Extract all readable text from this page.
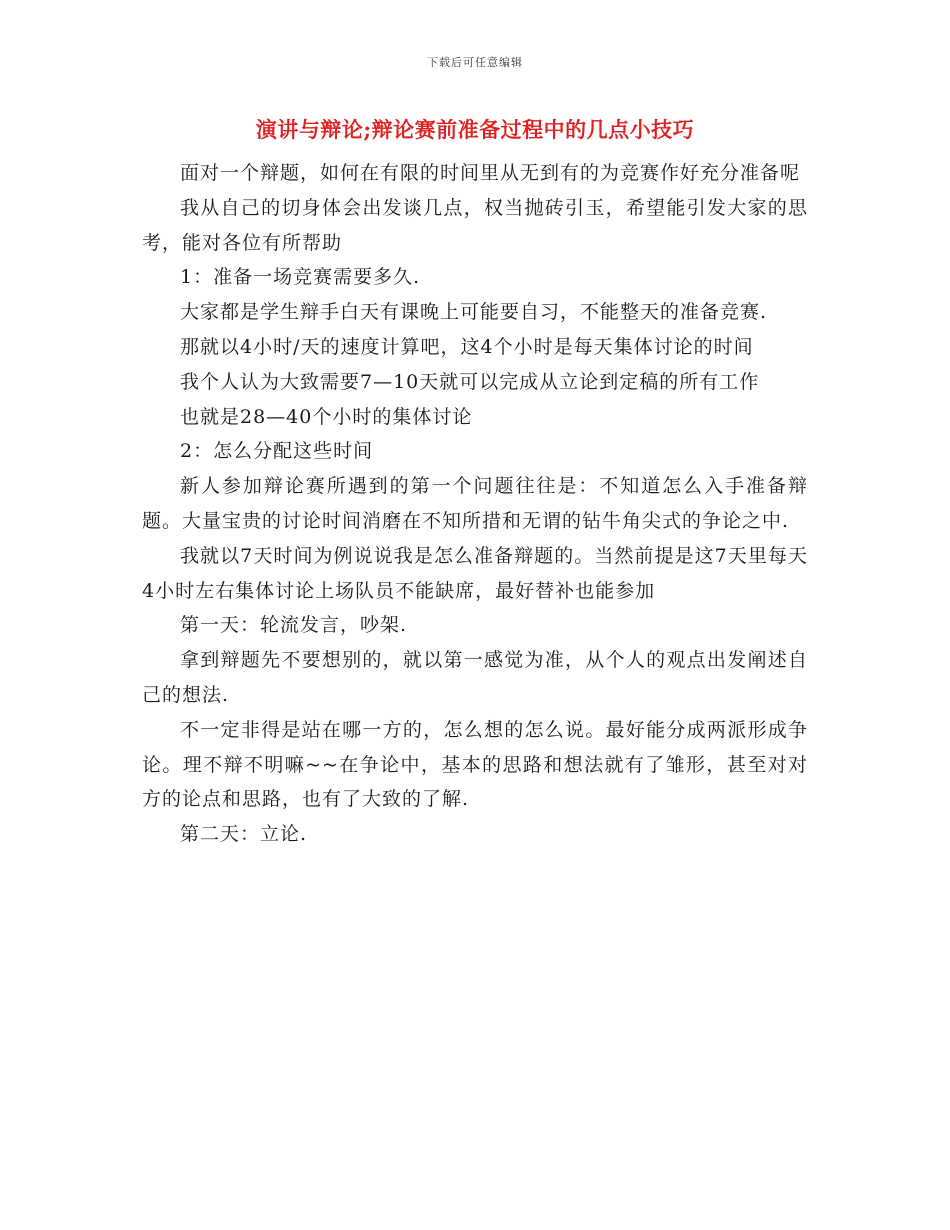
下载后可任意编辑
演讲与辩论;辩论赛前准备过程中的几点小技巧

面对一个辩题，如何在有限的时间里从无到有的为竞赛作好充分准备呢

我从自己的切身体会出发谈几点，权当抛砖引玉，希望能引发大家的思考，能对各位有所帮助

1：准备一场竞赛需要多久.

大家都是学生辩手白天有课晚上可能要自习，不能整天的准备竞赛.

那就以4小时/天的速度计算吧，这4个小时是每天集体讨论的时间

我个人认为大致需要7—10天就可以完成从立论到定稿的所有工作

也就是28—40个小时的集体讨论

2：怎么分配这些时间

新人参加辩论赛所遇到的第一个问题往往是：不知道怎么入手准备辩题。大量宝贵的讨论时间消磨在不知所措和无谓的钻牛角尖式的争论之中.

我就以7天时间为例说说我是怎么准备辩题的。当然前提是这7天里每天4小时左右集体讨论上场队员不能缺席，最好替补也能参加

第一天：轮流发言，吵架.

拿到辩题先不要想别的，就以第一感觉为准，从个人的观点出发阐述自己的想法.

不一定非得是站在哪一方的，怎么想的怎么说。最好能分成两派形成争论。理不辩不明嘛~~在争论中，基本的思路和想法就有了雏形，甚至对对方的论点和思路，也有了大致的了解.

第二天：立论.
